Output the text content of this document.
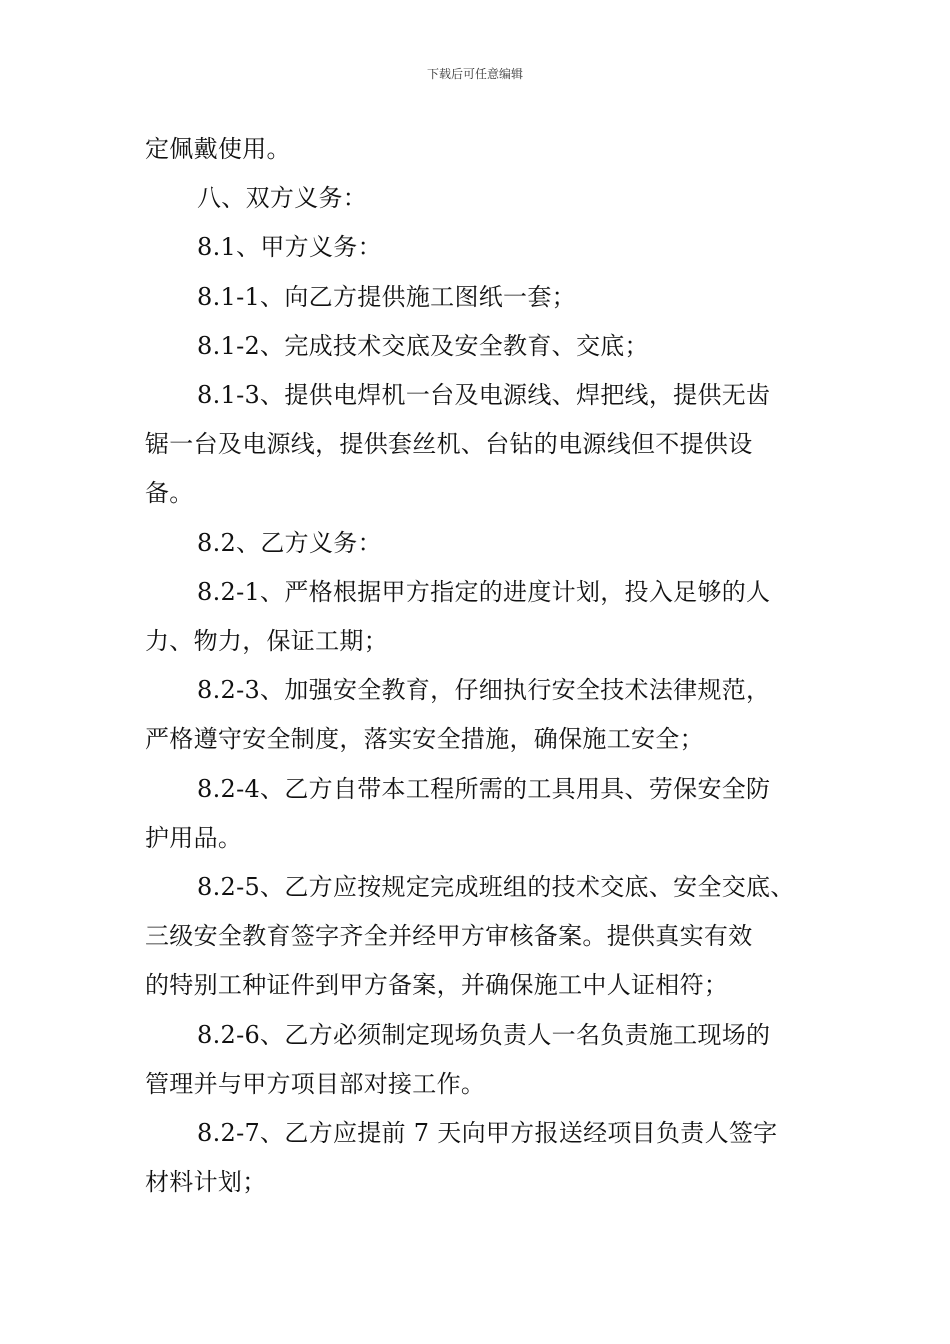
下载后可任意编辑

定佩戴使用。

八、双方义务：

8.1、甲方义务：

8.1-1、向乙方提供施工图纸一套；

8.1-2、完成技术交底及安全教育、交底；

8.1-3、提供电焊机一台及电源线、焊把线，提供无齿

锯一台及电源线，提供套丝机、台钻的电源线但不提供设

备。

8.2、乙方义务：

8.2-1、严格根据甲方指定的进度计划，投入足够的人

力、物力，保证工期；

8.2-3、加强安全教育，仔细执行安全技术法律规范，

严格遵守安全制度，落实安全措施，确保施工安全；

8.2-4、乙方自带本工程所需的工具用具、劳保安全防

护用品。

8.2-5、乙方应按规定完成班组的技术交底、安全交底、

三级安全教育签字齐全并经甲方审核备案。提供真实有效

的特别工种证件到甲方备案，并确保施工中人证相符；

8.2-6、乙方必须制定现场负责人一名负责施工现场的

管理并与甲方项目部对接工作。

8.2-7、乙方应提前 7 天向甲方报送经项目负责人签字

材料计划；
